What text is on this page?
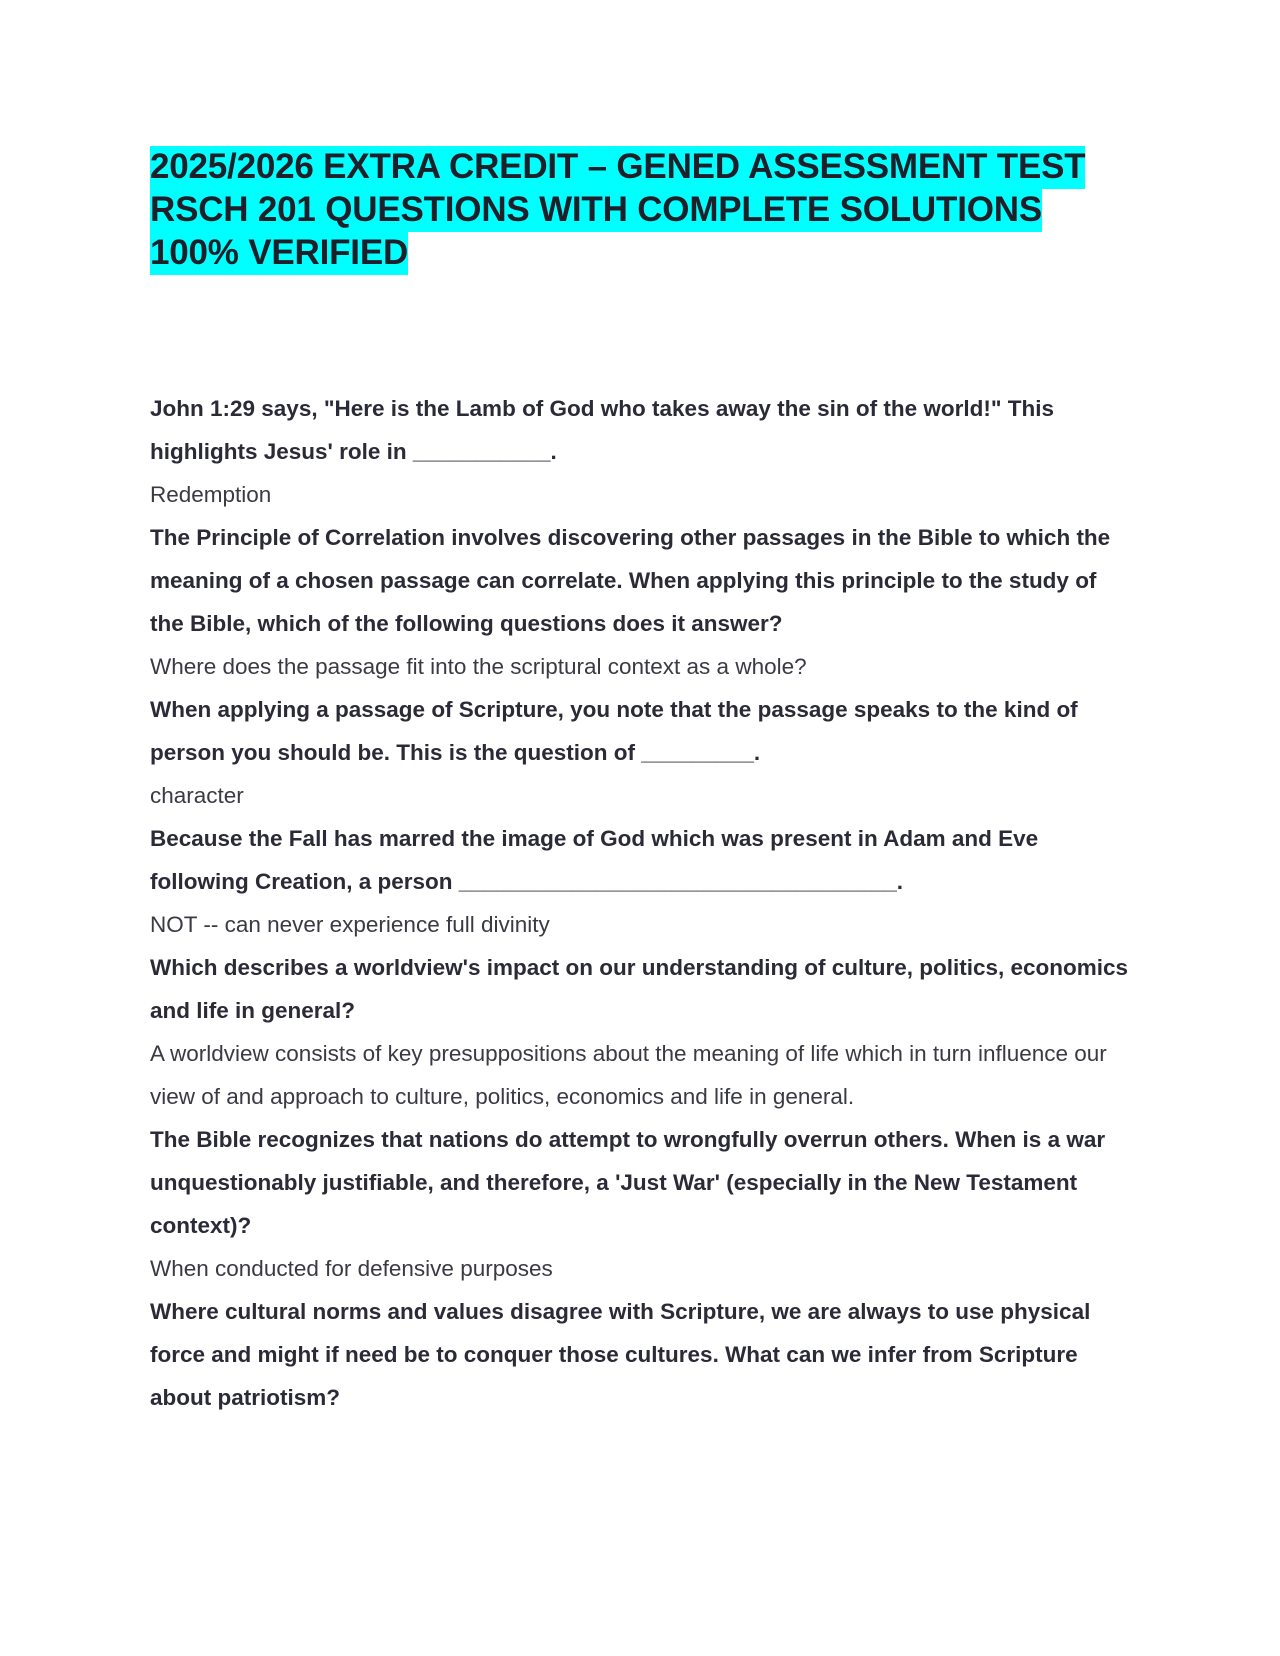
2025/2026 EXTRA CREDIT – GENED ASSESSMENT TEST RSCH 201 QUESTIONS WITH COMPLETE SOLUTIONS 100% VERIFIED

John 1:29 says, "Here is the Lamb of God who takes away the sin of the world!" This highlights Jesus' role in ___________.

Redemption

The Principle of Correlation involves discovering other passages in the Bible to which the meaning of a chosen passage can correlate. When applying this principle to the study of the Bible, which of the following questions does it answer?

Where does the passage fit into the scriptural context as a whole?

When applying a passage of Scripture, you note that the passage speaks to the kind of person you should be. This is the question of _________.

character

Because the Fall has marred the image of God which was present in Adam and Eve following Creation, a person ___________________________________.

NOT -- can never experience full divinity

Which describes a worldview's impact on our understanding of culture, politics, economics and life in general?

A worldview consists of key presuppositions about the meaning of life which in turn influence our view of and approach to culture, politics, economics and life in general.

The Bible recognizes that nations do attempt to wrongfully overrun others. When is a war unquestionably justifiable, and therefore, a 'Just War' (especially in the New Testament context)?

When conducted for defensive purposes

Where cultural norms and values disagree with Scripture, we are always to use physical force and might if need be to conquer those cultures. What can we infer from Scripture about patriotism?
